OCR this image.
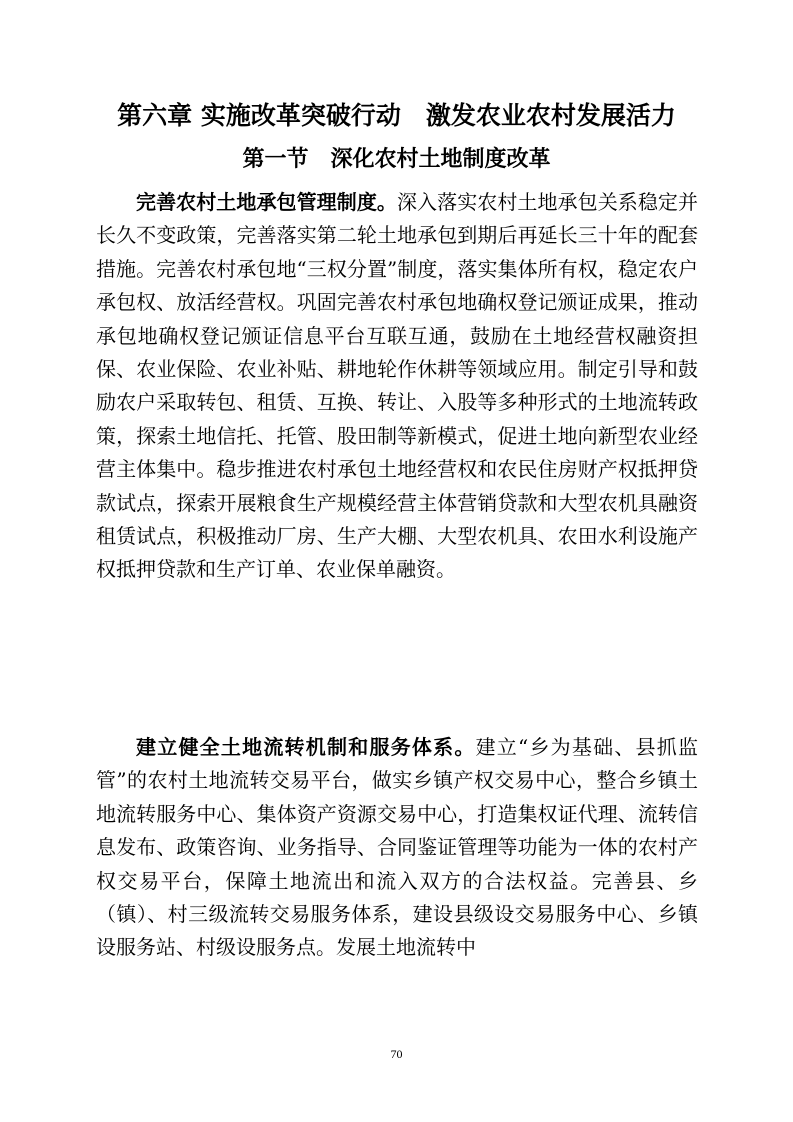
第六章 实施改革突破行动　激发农业农村发展活力
第一节　深化农村土地制度改革

完善农村土地承包管理制度。深入落实农村土地承包关系稳定并长久不变政策，完善落实第二轮土地承包到期后再延长三十年的配套措施。完善农村承包地“三权分置”制度，落实集体所有权，稳定农户承包权、放活经营权。巩固完善农村承包地确权登记颁证成果，推动承包地确权登记颁证信息平台互联互通，鼓励在土地经营权融资担保、农业保险、农业补贴、耕地轮作休耕等领域应用。制定引导和鼓励农户采取转包、租赁、互换、转让、入股等多种形式的土地流转政策，探索土地信托、托管、股田制等新模式，促进土地向新型农业经营主体集中。稳步推进农村承包土地经营权和农民住房财产权抵押贷款试点，探索开展粮食生产规模经营主体营销贷款和大型农机具融资租赁试点，积极推动厂房、生产大棚、大型农机具、农田水利设施产权抵押贷款和生产订单、农业保单融资。

建立健全土地流转机制和服务体系。建立“乡为基础、县抓监管”的农村土地流转交易平台，做实乡镇产权交易中心，整合乡镇土地流转服务中心、集体资产资源交易中心，打造集权证代理、流转信息发布、政策咨询、业务指导、合同鉴证管理等功能为一体的农村产权交易平台，保障土地流出和流入双方的合法权益。完善县、乡（镇）、村三级流转交易服务体系，建设县级设交易服务中心、乡镇设服务站、村级设服务点。发展土地流转中

70
